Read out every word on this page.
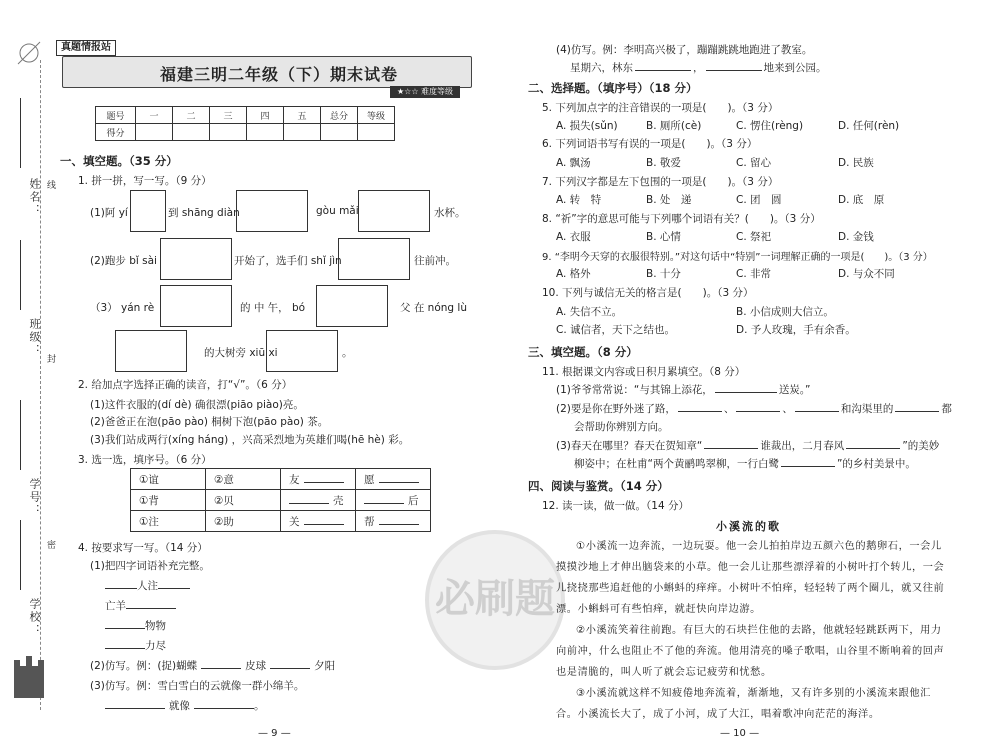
姓名：
班级：
学号：
学校：
线
封
密
真题情报站
福建三明二年级（下）期末试卷
★☆☆ 难度等级
题号	一	二	三	四	五	总分	等级
得分							
一、填空题。（35 分）
1. 拼一拼，写一写。（9 分）
(1)阿 yí	到 shāng diàn	gòu mǎi	水杯。
(2)跑步 bǐ sài	开始了，选手们 shǐ jìn	往前冲。
（3） yán rè	的 中 午， bó	父 在 nóng lù
的大树旁 xiū xi	。
2. 给加点字选择正确的读音，打“√”。（6 分）
(1)这件衣服的(dí dè) 确很漂(piāo piào)亮。
(2)爸爸正在泡(pāo pào) 桐树下泡(pāo pào) 茶。
(3)我们站成两行(xíng háng) ，兴高采烈地为英雄们喝(hē hè) 彩。
3. 选一选，填序号。（6 分）
①谊	②意	友	愿
①背	②贝	壳	后
①注	②助	关	帮
4. 按要求写一写。（14 分）
(1)把四字词语补充完整。
人注
亡羊
物物
力尽
(2)仿写。例：(捉)蝴蝶	皮球	夕阳
(3)仿写。例：雪白雪白的云就像一群小绵羊。
就像	。
— 9 —
(4)仿写。例：李明高兴极了，蹦蹦跳跳地跑进了教室。
星期六，林东	，	地来到公园。
二、选择题。（填序号）（18 分）
5. 下列加点字的注音错误的一项是(　　)。（3 分）
A. 损失(sǔn)	B. 厕所(cè)	C. 愣住(rèng)	D. 任何(rèn)
6. 下列词语书写有误的一项是(　　)。（3 分）
A. 飘汤	B. 敬爱	C. 留心	D. 民族
7. 下列汉字都是左下包围的一项是(　　)。（3 分）
A. 转　特	B. 处　递	C. 团　圆	D. 底　原
8. “祈”字的意思可能与下列哪个词语有关？(　　)。（3 分）
A. 衣服	B. 心情	C. 祭祀	D. 金钱
9. “李明今天穿的衣服很特别。”对这句话中“特别”一词理解正确的一项是(　　)。（3 分）
A. 格外	B. 十分	C. 非常	D. 与众不同
10. 下列与诚信无关的格言是(　　)。（3 分）
A. 失信不立。	B. 小信成则大信立。
C. 诚信者，天下之结也。	D. 予人玫瑰，手有余香。
三、填空题。（8 分）
11. 根据课文内容或日积月累填空。（8 分）
(1)爷爷常常说：“与其锦上添花，	送炭。”
(2)要是你在野外迷了路，	、	、	和沟渠里的	都
会帮助你辨别方向。
(3)春天在哪里？春天在贺知章“	谁裁出，二月春风	”的美妙
柳姿中；在杜甫“两个黄鹂鸣翠柳，一行白鹭	”的乡村美景中。
四、阅读与鉴赏。（14 分）
12. 读一读，做一做。（14 分）
小溪流的歌
必刷题
①小溪流一边奔流，一边玩耍。他一会儿拍拍岸边五颜六色的鹅卵石，一会儿摸摸沙地上才伸出脑袋来的小草。他一会儿让那些漂浮着的小树叶打个转儿，一会儿挠挠那些追赶他的小蝌蚪的痒痒。小树叶不怕痒，轻轻转了两个圈儿，就又往前漂。小蝌蚪可有些怕痒，就赶快向岸边游。
②小溪流笑着往前跑。有巨大的石块拦住他的去路，他就轻轻跳跃两下，用力向前冲，什么也阻止不了他的奔流。他用清亮的嗓子歌唱，山谷里不断响着的回声也是清脆的，叫人听了就会忘记疲劳和忧愁。
③小溪流就这样不知疲倦地奔流着，渐渐地，又有许多别的小溪流来跟他汇合。小溪流长大了，成了小河，成了大江，唱着歌冲向茫茫的海洋。
— 10 —
